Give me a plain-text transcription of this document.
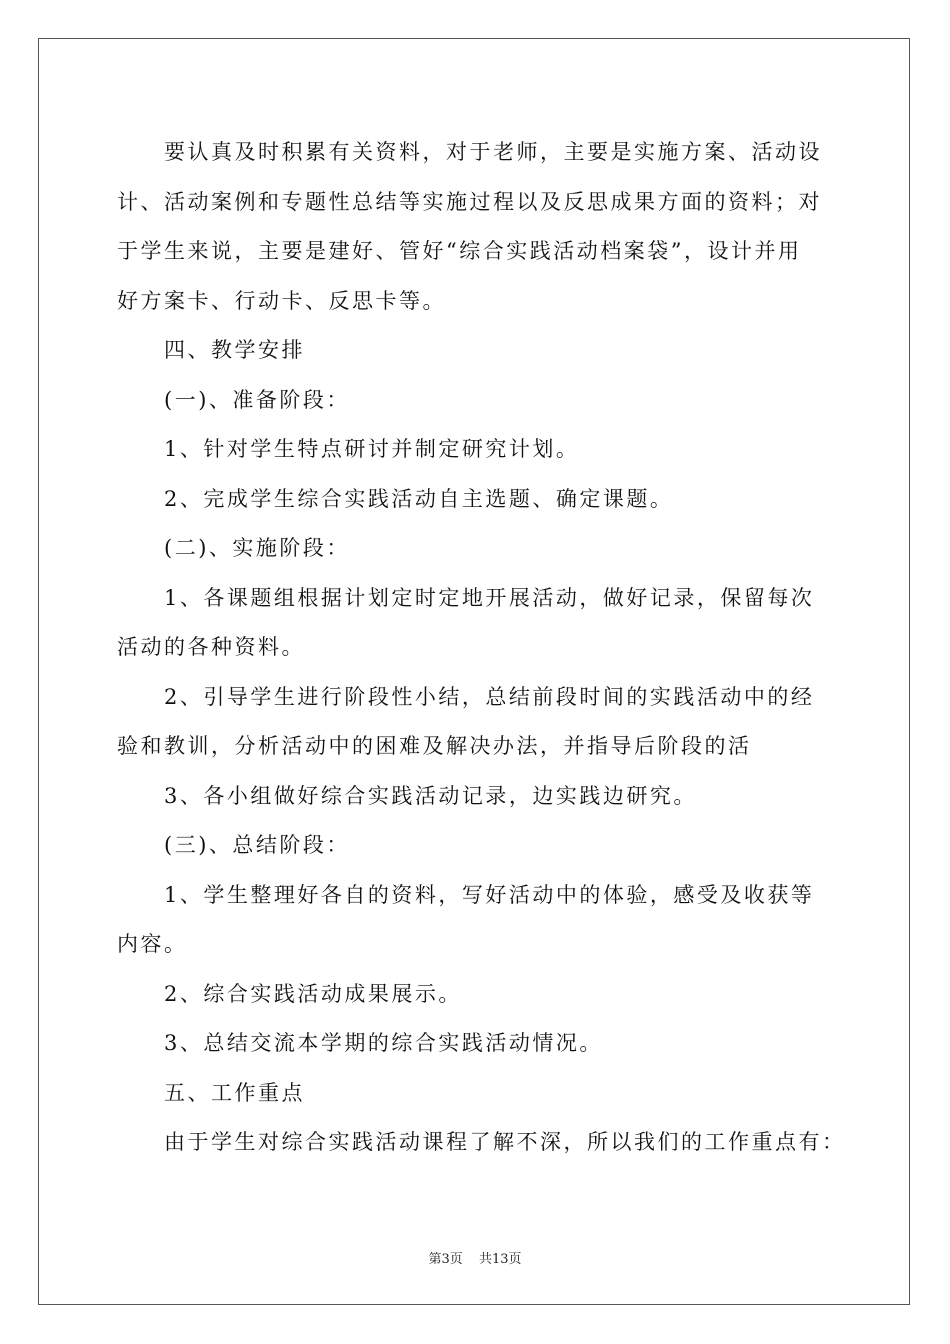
要认真及时积累有关资料，对于老师，主要是实施方案、活动设
计、活动案例和专题性总结等实施过程以及反思成果方面的资料；对
于学生来说，主要是建好、管好“综合实践活动档案袋”，设计并用
好方案卡、行动卡、反思卡等。
四、教学安排
(一)、准备阶段：
1、针对学生特点研讨并制定研究计划。
2、完成学生综合实践活动自主选题、确定课题。
(二)、实施阶段：
1、各课题组根据计划定时定地开展活动，做好记录，保留每次
活动的各种资料。
2、引导学生进行阶段性小结，总结前段时间的实践活动中的经
验和教训，分析活动中的困难及解决办法，并指导后阶段的活
3、各小组做好综合实践活动记录，边实践边研究。
(三)、总结阶段：
1、学生整理好各自的资料，写好活动中的体验，感受及收获等
内容。
2、综合实践活动成果展示。
3、总结交流本学期的综合实践活动情况。
五、工作重点
由于学生对综合实践活动课程了解不深，所以我们的工作重点有：
第3页 共13页
